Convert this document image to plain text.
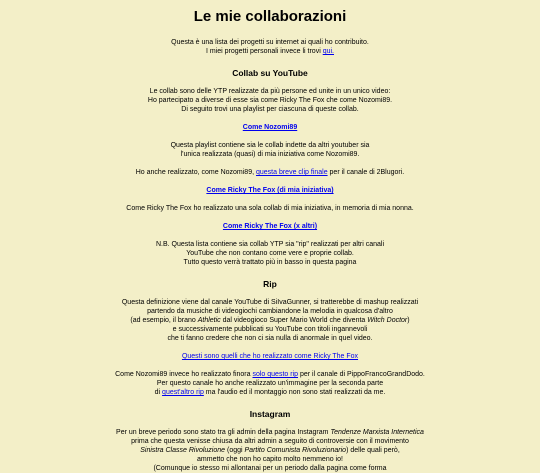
Le mie collaborazioni

Questa è una lista dei progetti su internet ai quali ho contribuito.
I miei progetti personali invece li trovi qui.

Collab su YouTube

Le collab sono delle YTP realizzate da più persone ed unite in un unico video:
Ho partecipato a diverse di esse sia come Ricky The Fox che come Nozomi89.
Di seguito trovi una playlist per ciascuna di queste collab.

Come Nozomi89

Questa playlist contiene sia le collab indette da altri youtuber sia
l'unica realizzata (quasi) di mia iniziativa come Nozomi89.

Ho anche realizzato, come Nozomi89, questa breve clip finale per il canale di 2Blugori.

Come Ricky The Fox (di mia iniziativa)

Come Ricky The Fox ho realizzato una sola collab di mia iniziativa, in memoria di mia nonna.

Come Ricky The Fox (x altri)

N.B. Questa lista contiene sia collab YTP sia "rip" realizzati per altri canali
YouTube che non contano come vere e proprie collab.
Tutto questo verrà trattato più in basso in questa pagina

Rip

Questa definizione viene dal canale YouTube di SiIvaGunner, si tratterebbe di mashup realizzati
partendo da musiche di videogiochi cambiandone la melodia in qualcosa d'altro
(ad esempio, il brano Athletic dal videogioco Super Mario World che diventa Witch Doctor)
e successivamente pubblicati su YouTube con titoli ingannevoli
che ti fanno credere che non ci sia nulla di anormale in quel video.

Questi sono quelli che ho realizzato come Ricky The Fox

Come Nozomi89 invece ho realizzato finora solo questo rip per il canale di PippoFrancoGrandDodo.
Per questo canale ho anche realizzato un'immagine per la seconda parte
di quest'altro rip ma l'audio ed il montaggio non sono stati realizzati da me.

Instagram

Per un breve periodo sono stato tra gli admin della pagina Instagram Tendenze Marxista Internetica
prima che questa venisse chiusa da altri admin a seguito di controversie con il movimento
Sinistra Classe Rivoluzione (oggi Partito Comunista Rivoluzionario) delle quali però,
ammetto che non ho capito molto nemmeno io!
(Comunque io stesso mi allontanai per un periodo dalla pagina come forma
